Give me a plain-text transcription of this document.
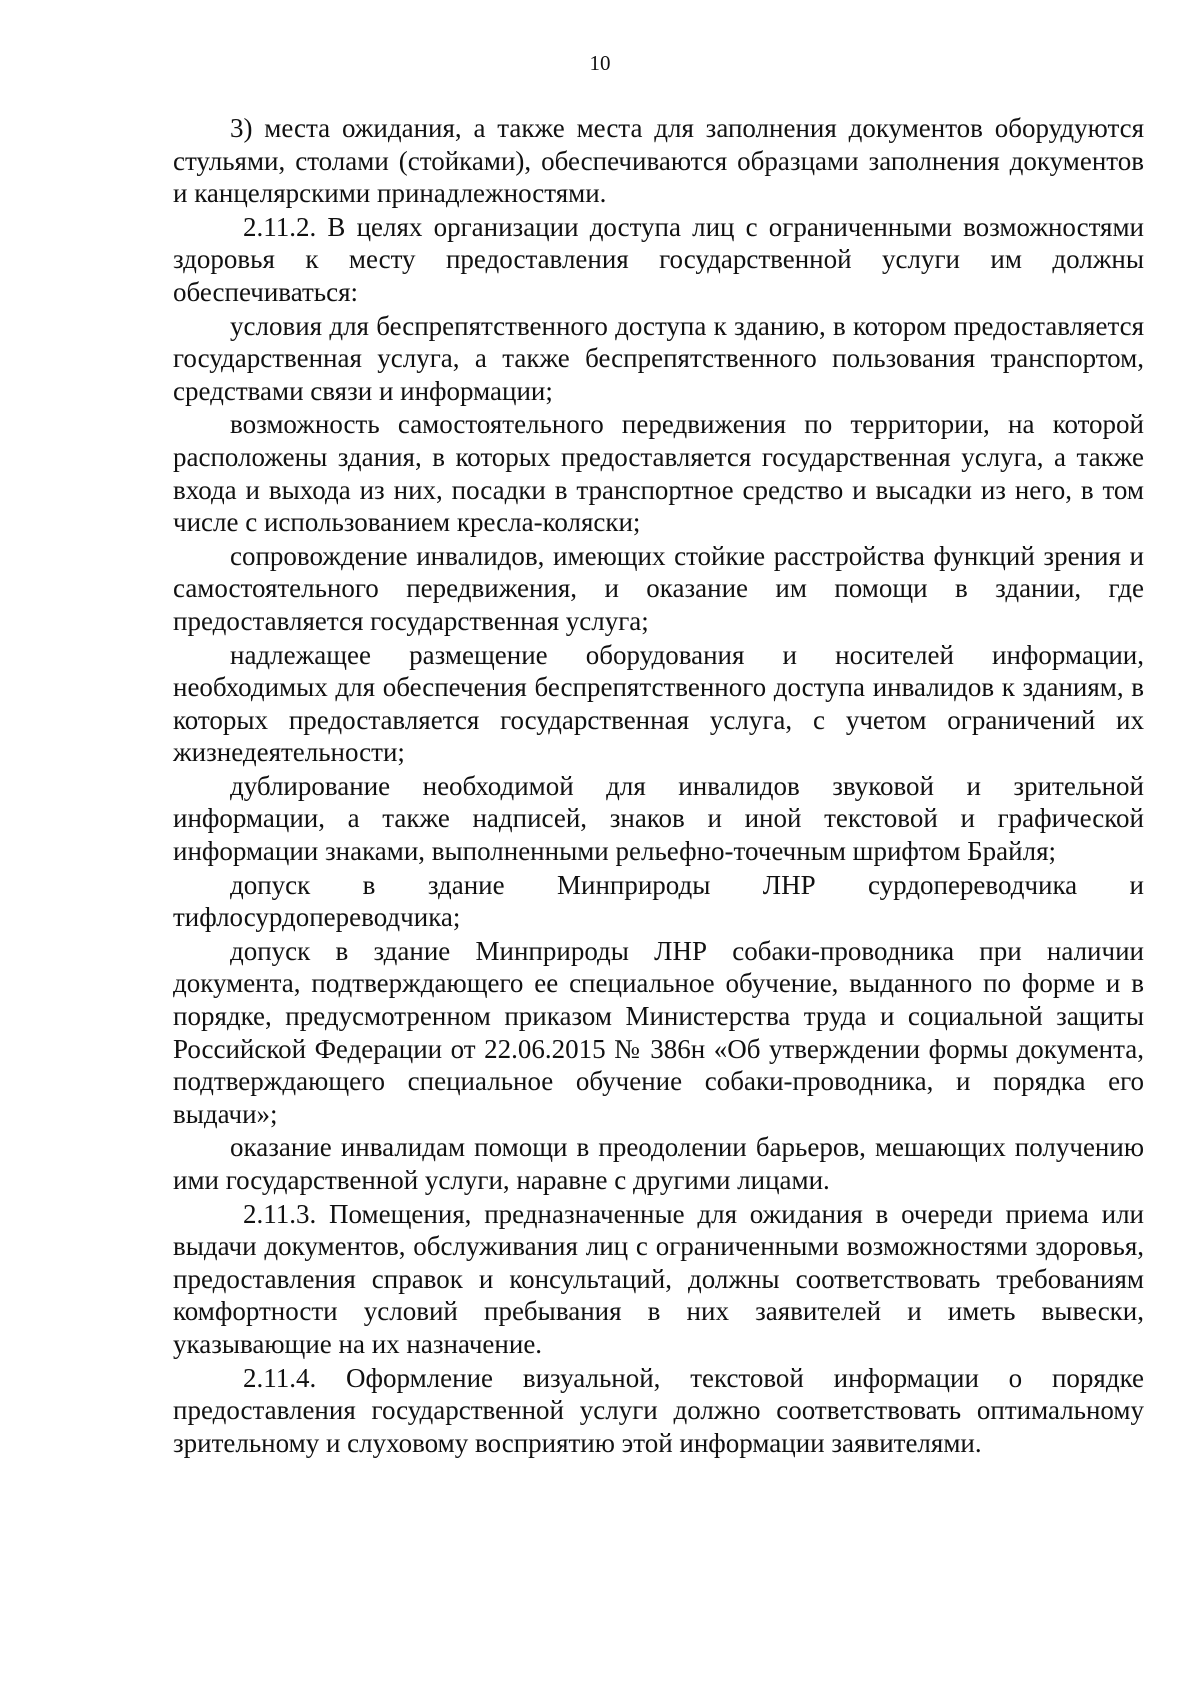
10

3) места ожидания, а также места для заполнения документов оборудуются стульями, столами (стойками), обеспечиваются образцами заполнения документов и канцелярскими принадлежностями.

2.11.2. В целях организации доступа лиц с ограниченными возможностями здоровья к месту предоставления государственной услуги им должны обеспечиваться:

условия для беспрепятственного доступа к зданию, в котором предоставляется государственная услуга, а также беспрепятственного пользования транспортом, средствами связи и информации;

возможность самостоятельного передвижения по территории, на которой расположены здания, в которых предоставляется государственная услуга, а также входа и выхода из них, посадки в транспортное средство и высадки из него, в том числе с использованием кресла-коляски;

сопровождение инвалидов, имеющих стойкие расстройства функций зрения и самостоятельного передвижения, и оказание им помощи в здании, где предоставляется государственная услуга;

надлежащее размещение оборудования и носителей информации, необходимых для обеспечения беспрепятственного доступа инвалидов к зданиям, в которых предоставляется государственная услуга, с учетом ограничений их жизнедеятельности;

дублирование необходимой для инвалидов звуковой и зрительной информации, а также надписей, знаков и иной текстовой и графической информации знаками, выполненными рельефно-точечным шрифтом Брайля;

допуск в здание Минприроды ЛНР сурдопереводчика и тифлосурдопереводчика;

допуск в здание Минприроды ЛНР собаки-проводника при наличии документа, подтверждающего ее специальное обучение, выданного по форме и в порядке, предусмотренном приказом Министерства труда и социальной защиты Российской Федерации от 22.06.2015 № 386н «Об утверждении формы документа, подтверждающего специальное обучение собаки-проводника, и порядка его выдачи»;

оказание инвалидам помощи в преодолении барьеров, мешающих получению ими государственной услуги, наравне с другими лицами.

2.11.3. Помещения, предназначенные для ожидания в очереди приема или выдачи документов, обслуживания лиц с ограниченными возможностями здоровья, предоставления справок и консультаций, должны соответствовать требованиям комфортности условий пребывания в них заявителей и иметь вывески, указывающие на их назначение.

2.11.4. Оформление визуальной, текстовой информации о порядке предоставления государственной услуги должно соответствовать оптимальному зрительному и слуховому восприятию этой информации заявителями.
